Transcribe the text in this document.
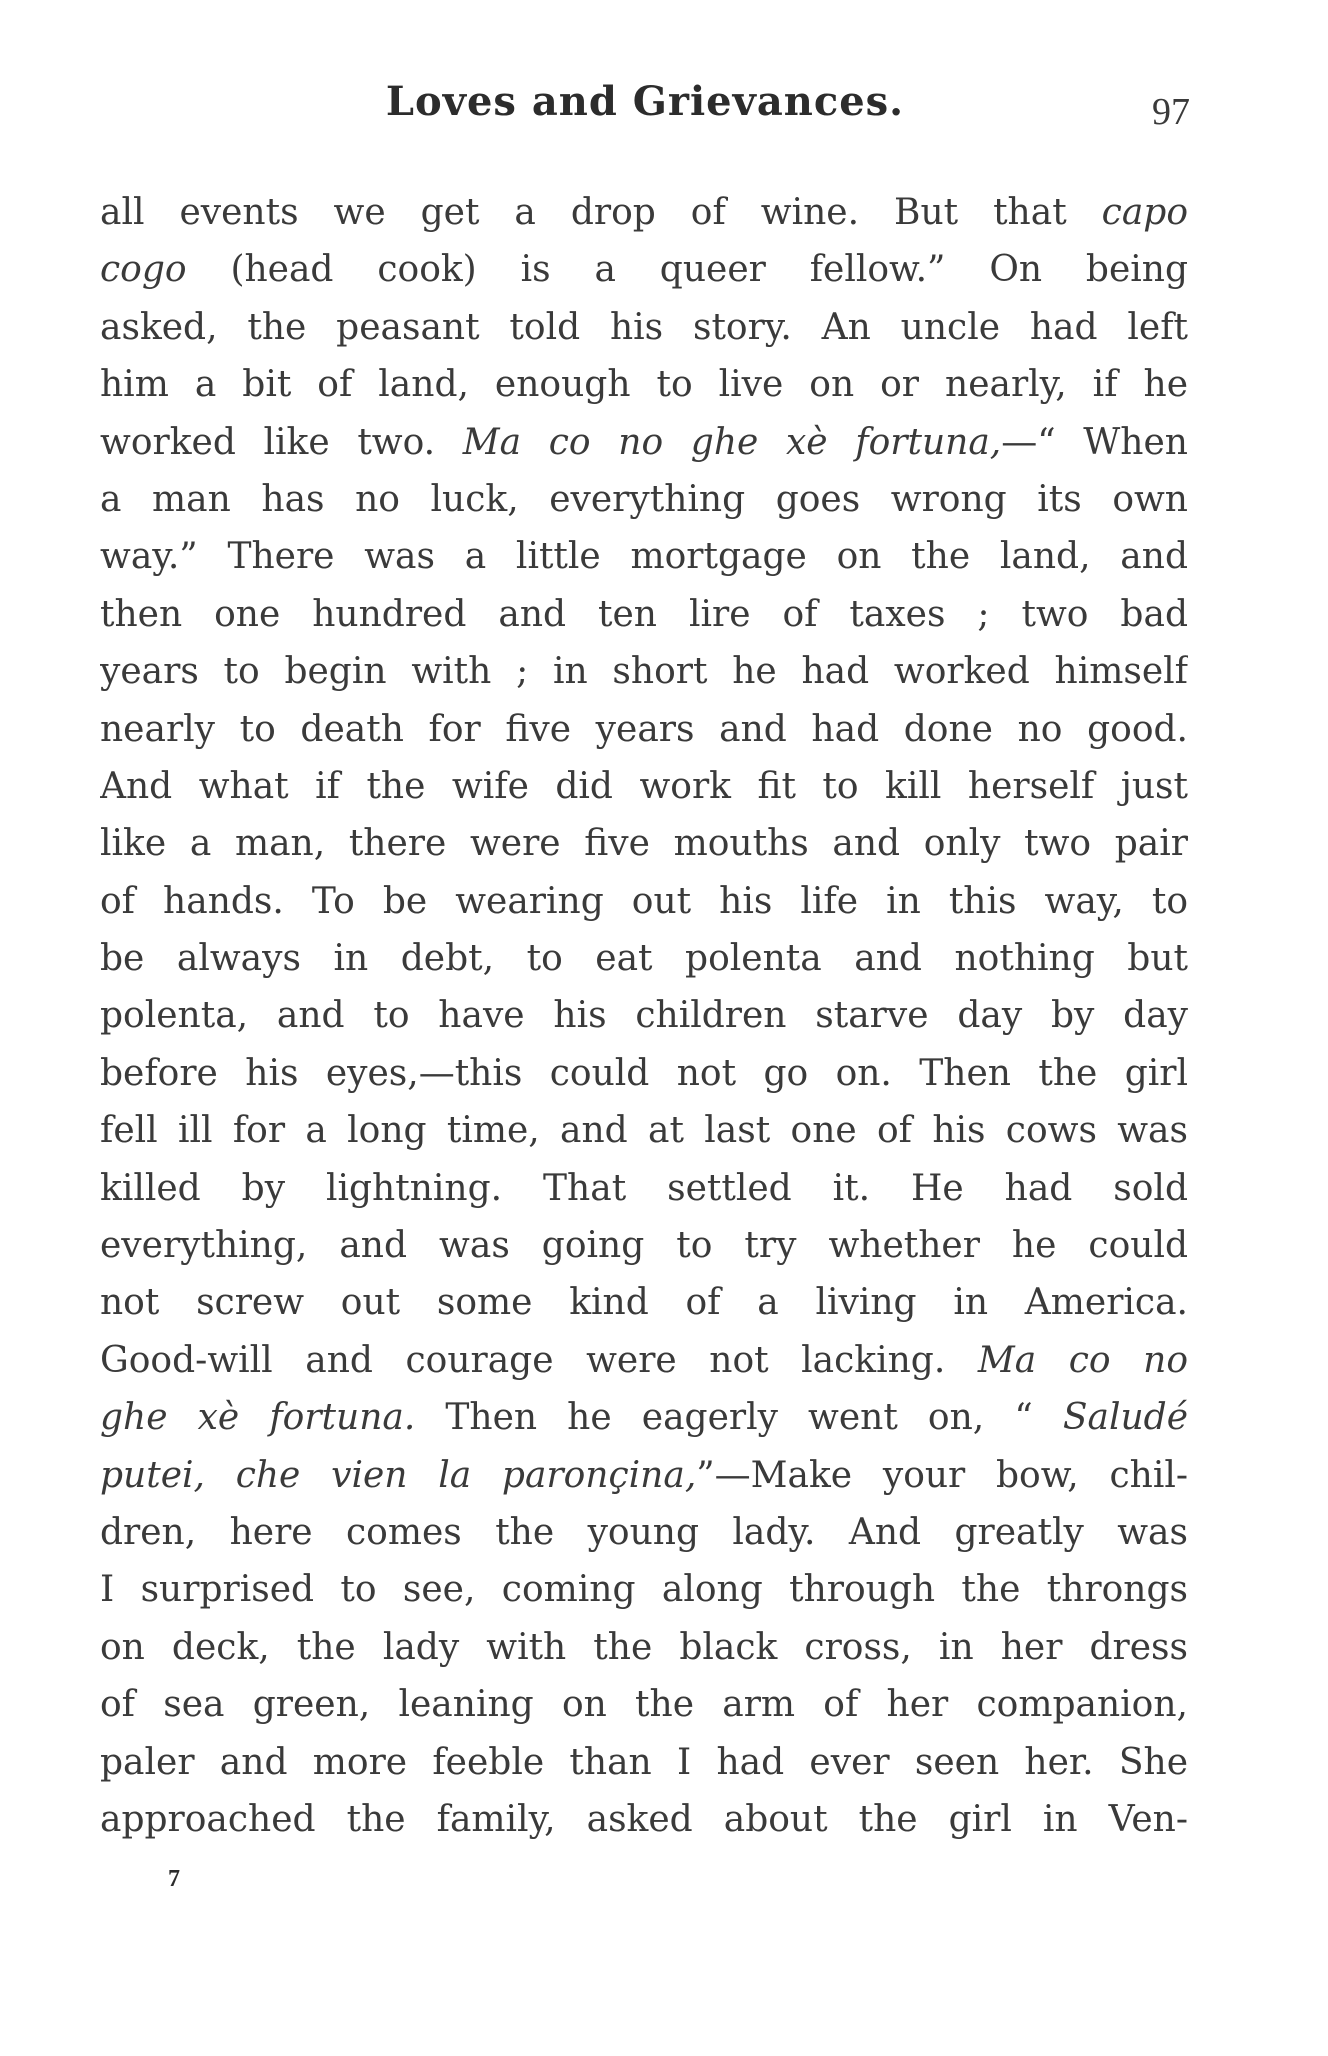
Loves and Grievances.	97
all events we get a drop of wine. But that capo
cogo (head cook) is a queer fellow.” On being
asked, the peasant told his story. An uncle had left
him a bit of land, enough to live on or nearly, if he
worked like two. Ma co no ghe xè fortuna,—“ When
a man has no luck, everything goes wrong its own
way.” There was a little mortgage on the land, and
then one hundred and ten lire of taxes ; two bad
years to begin with ; in short he had worked himself
nearly to death for five years and had done no good.
And what if the wife did work fit to kill herself just
like a man, there were five mouths and only two pair
of hands. To be wearing out his life in this way, to
be always in debt, to eat polenta and nothing but
polenta, and to have his children starve day by day
before his eyes,—this could not go on. Then the girl
fell ill for a long time, and at last one of his cows was
killed by lightning. That settled it. He had sold
everything, and was going to try whether he could
not screw out some kind of a living in America.
Good-will and courage were not lacking. Ma co no
ghe xè fortuna. Then he eagerly went on, “ Saludé
putei, che vien la paronçina,”—Make your bow, chil-
dren, here comes the young lady. And greatly was
I surprised to see, coming along through the throngs
on deck, the lady with the black cross, in her dress
of sea green, leaning on the arm of her companion,
paler and more feeble than I had ever seen her. She
approached the family, asked about the girl in Ven-
7
